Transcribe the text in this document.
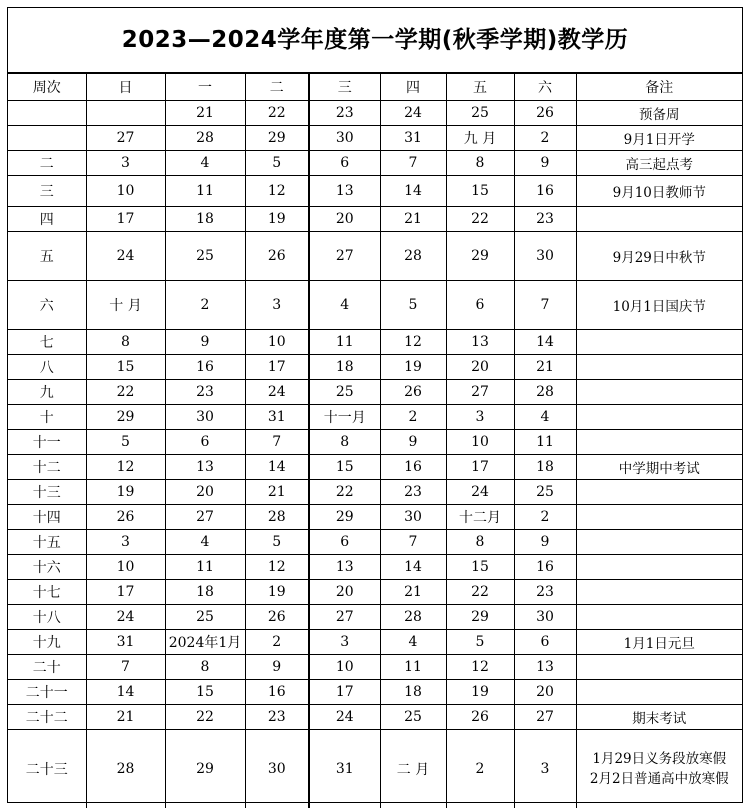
2023—2024学年度第一学期(秋季学期)教学历
周次	日	一	二	三	四	五	六	备注
		21	22	23	24	25	26	预备周
	27	28	29	30	31	九 月	2	9月1日开学
二	3	4	5	6	7	8	9	高三起点考
三	10	11	12	13	14	15	16	9月10日教师节
四	17	18	19	20	21	22	23	
五	24	25	26	27	28	29	30	9月29日中秋节
六	十 月	2	3	4	5	6	7	10月1日国庆节
七	8	9	10	11	12	13	14	
八	15	16	17	18	19	20	21	
九	22	23	24	25	26	27	28	
十	29	30	31	十一月	2	3	4	
十一	5	6	7	8	9	10	11	
十二	12	13	14	15	16	17	18	中学期中考试
十三	19	20	21	22	23	24	25	
十四	26	27	28	29	30	十二月	2	
十五	3	4	5	6	7	8	9	
十六	10	11	12	13	14	15	16	
十七	17	18	19	20	21	22	23	
十八	24	25	26	27	28	29	30	
十九	31	2024年1月	2	3	4	5	6	1月1日元旦
二十	7	8	9	10	11	12	13	
二十一	14	15	16	17	18	19	20	
二十二	21	22	23	24	25	26	27	期末考试
二十三	28	29	30	31	二 月	2	3	1月29日义务段放寒假
2月2日普通高中放寒假
